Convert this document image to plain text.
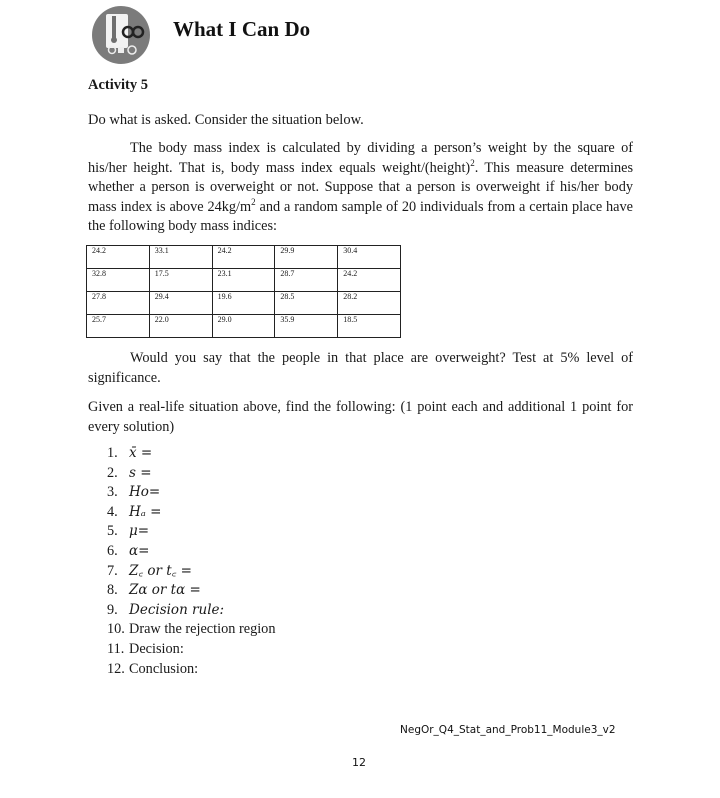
What I Can Do
Activity 5
Do what is asked. Consider the situation below.

The body mass index is calculated by dividing a person’s weight by the square of his/her height. That is, body mass index equals weight/(height)$^2$. This measure determines whether a person is overweight or not. Suppose that a person is overweight if his/her body mass index is above $24kg/m^2$ and a random sample of 20 individuals from a certain place have the following body mass indices:

24.2	33.1	24.2	29.9	30.4
32.8	17.5	23.1	28.7	24.2
27.8	29.4	19.6	28.5	28.2
25.7	22.0	29.0	35.9	18.5

Would you say that the people in that place are overweight? Test at 5% level of significance.

Given a real-life situation above, find the following: (1 point each and additional 1 point for every solution)

1. x̄ =
2. s =
3. Ho=
4. Hₐ =
5. μ=
6. α=
7. Z꜀ or t꜀ =
8. Zα or tα =
9. Decision rule:
10. Draw the rejection region
11. Decision:
12. Conclusion:
NegOr_Q4_Stat_and_Prob11_Module3_v2
12
